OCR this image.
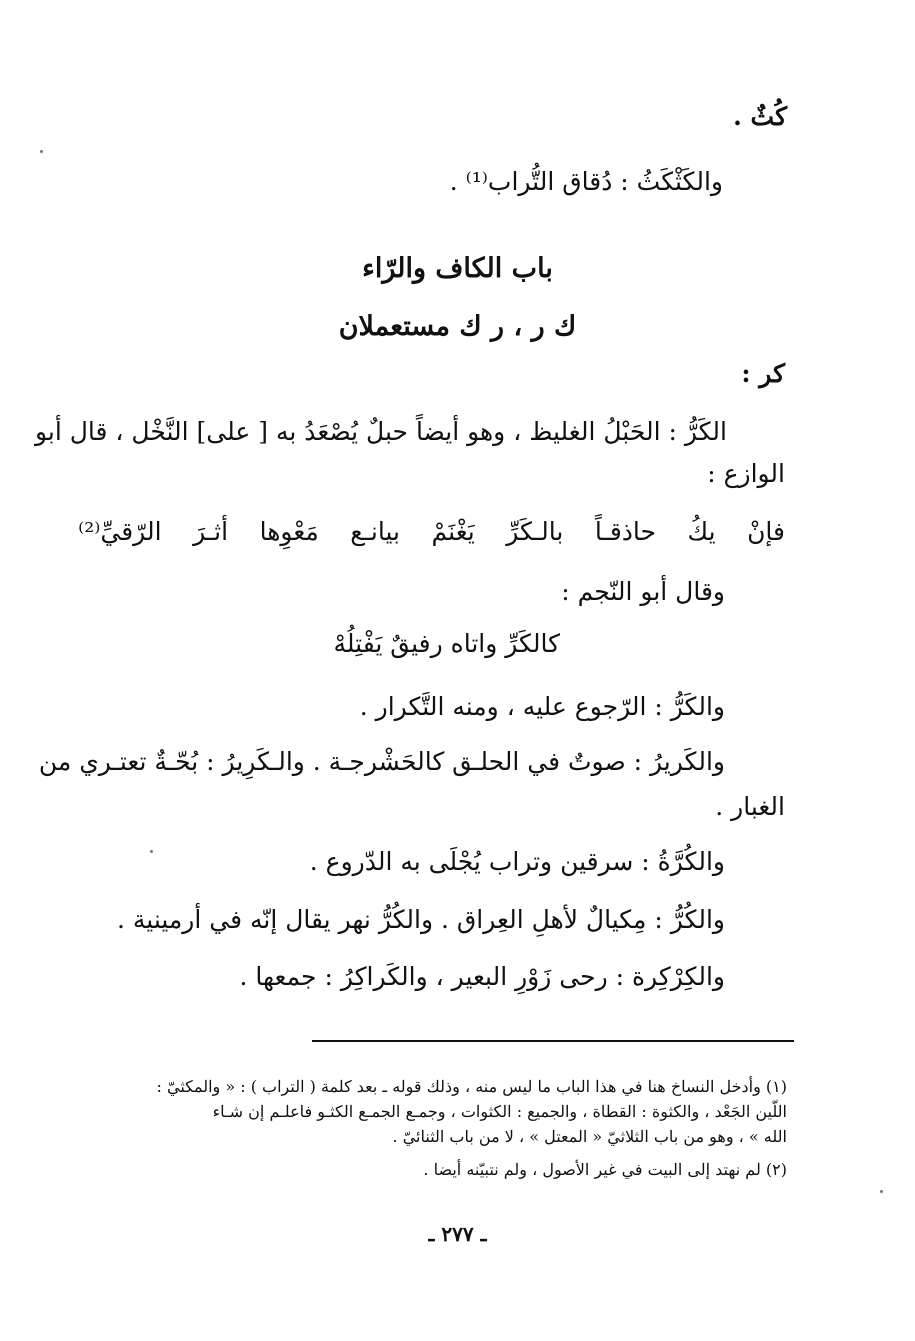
كُثٌ .
والكَثْكَثُ : دُقاق التُّراب⁽¹⁾ .
باب الكاف والرّاء
ك ر ، ر ك مستعملان
كر :
الكَرُّ : الحَبْلُ الغليظ ، وهو أيضاً حبلٌ يُصْعَدُ به [ على] النَّخْل ، قال أبو
الوازع :
فإنْ
يكُ
حاذقـاً
بالـكَرِّ
يَغْنَمْ
بيانـع
مَعْوِها
أثـرَ
الرّقيِّ⁽²⁾
وقال أبو النّجم :
كالكَرِّ واتاه رفيقٌ يَفْتِلُهْ
والكَرُّ : الرّجوع عليه ، ومنه التَّكرار .
والكَريرُ : صوتٌ في الحلـق كالحَشْرجـة . والـكَرِيرُ : بُحّـةٌ تعتـري من
الغبار .
والكُرَّةُ : سرقين وتراب يُجْلَى به الدّروع .
والكُرُّ : مِكيالٌ لأهلِ العِراق . والكُرُّ نهر يقال إنّه في أرمينية .
والكِرْكِرة : رحى زَوْرِ البعير ، والكَراكِرُ : جمعها .
(١) وأدخل النساخ هنا في هذا الباب ما ليس منه ، وذلك قوله ـ بعد كلمة ( التراب ) : « والمكثيّ :
اللّين الجَعْد ، والكثوة : القطاة ، والجميع : الكثوات ، وجمـع الجمـع الكثـو فاعلـم إن شـاء
الله » ، وهو من باب الثلاثيّ « المعتل » ، لا من باب الثنائيّ .
(٢) لم نهتد إلى البيت في غير الأصول ، ولم نتبيّنه أيضا .
ـ ٢٧٧ ـ
